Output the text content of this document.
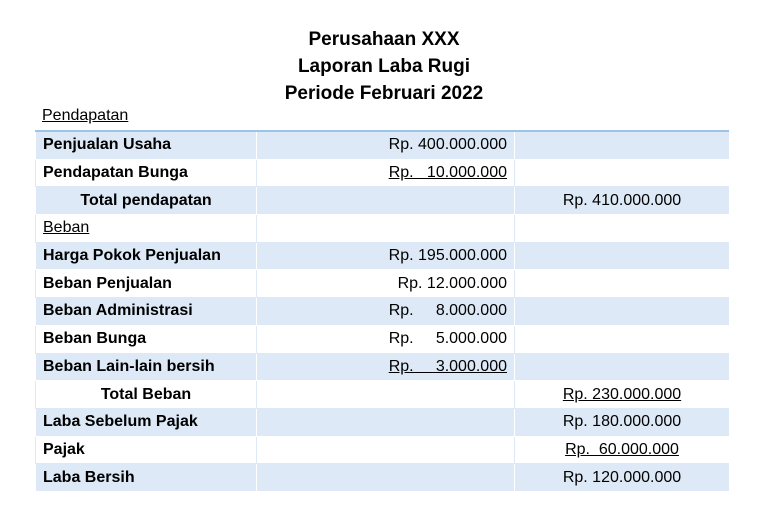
Perusahaan XXX
Laporan Laba Rugi
Periode Februari 2022
Pendapatan
Penjualan Usaha	Rp. 400.000.000	
Pendapatan Bunga	Rp.   10.000.000	
Total pendapatan		Rp. 410.000.000
Beban		
Harga Pokok Penjualan	Rp. 195.000.000	
Beban Penjualan	Rp. 12.000.000	
Beban Administrasi	Rp.     8.000.000	
Beban Bunga	Rp.     5.000.000	
Beban Lain-lain bersih	Rp.     3.000.000	
Total Beban		Rp. 230.000.000
Laba Sebelum Pajak		Rp. 180.000.000
Pajak		Rp.  60.000.000
Laba Bersih		Rp. 120.000.000
